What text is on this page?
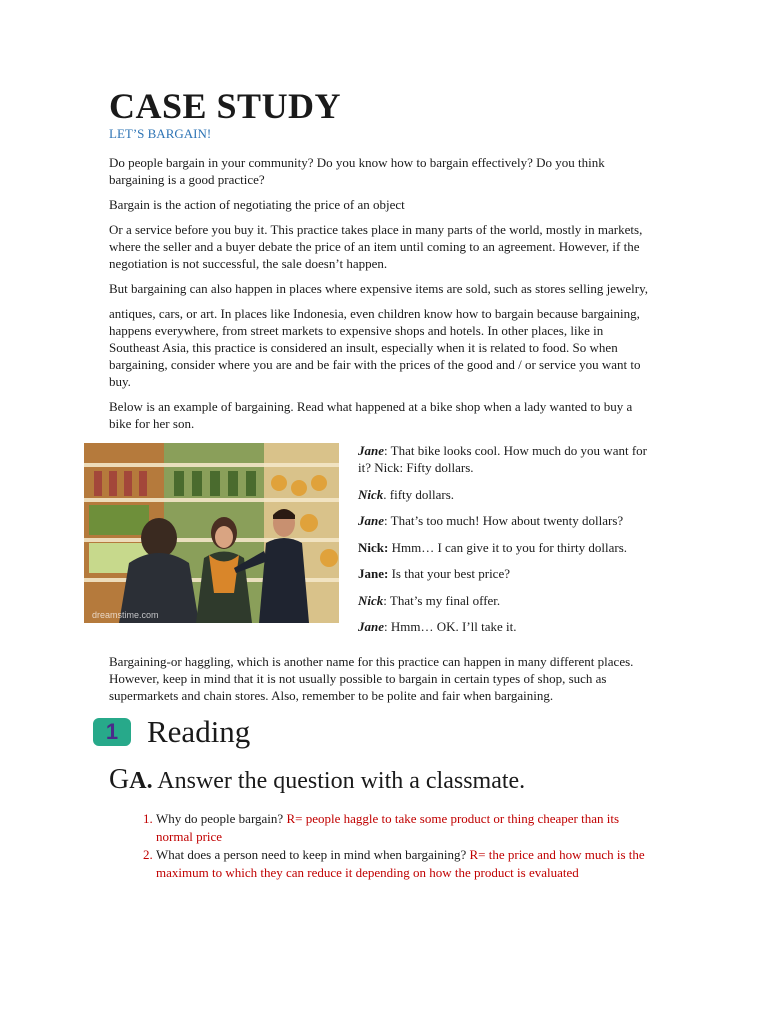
CASE STUDY
LET’S BARGAIN!

Do people bargain in your community? Do you know how to bargain effectively? Do you think bargaining is a good practice?

Bargain is the action of negotiating the price of an object

Or a service before you buy it. This practice takes place in many parts of the world, mostly in markets, where the seller and a buyer debate the price of an item until coming to an agreement. However, if the negotiation is not successful, the sale doesn’t happen.

But bargaining can also happen in places where expensive items are sold, such as stores selling jewelry,

antiques, cars, or art. In places like Indonesia, even children know how to bargain because bargaining, happens everywhere, from street markets to expensive shops and hotels. In other places, like in Southeast Asia, this practice is considered an insult, especially when it is related to food. So when bargaining, consider where you are and be fair with the prices of the good and / or service you want to buy.

Below is an example of bargaining. Read what happened at a bike shop when a lady wanted to buy a bike for her son.

dreamstime.com
Jane: That bike looks cool. How much do you want for it? Nick: Fifty dollars.
Nick. fifty dollars.
Jane: That’s too much! How about twenty dollars?
Nick: Hmm… I can give it to you for thirty dollars.
Jane: Is that your best price?
Nick: That’s my final offer.
Jane: Hmm… OK. I’ll take it.

Bargaining-or haggling, which is another name for this practice can happen in many different places. However, keep in mind that it is not usually possible to bargain in certain types of shop, such as supermarkets and chain stores. Also, remember to be polite and fair when bargaining.

1 Reading
GA. Answer the question with a classmate.
1. Why do people bargain? R= people haggle to take some product or thing cheaper than its normal price
2. What does a person need to keep in mind when bargaining? R= the price and how much is the maximum to which they can reduce it depending on how the product is evaluated
